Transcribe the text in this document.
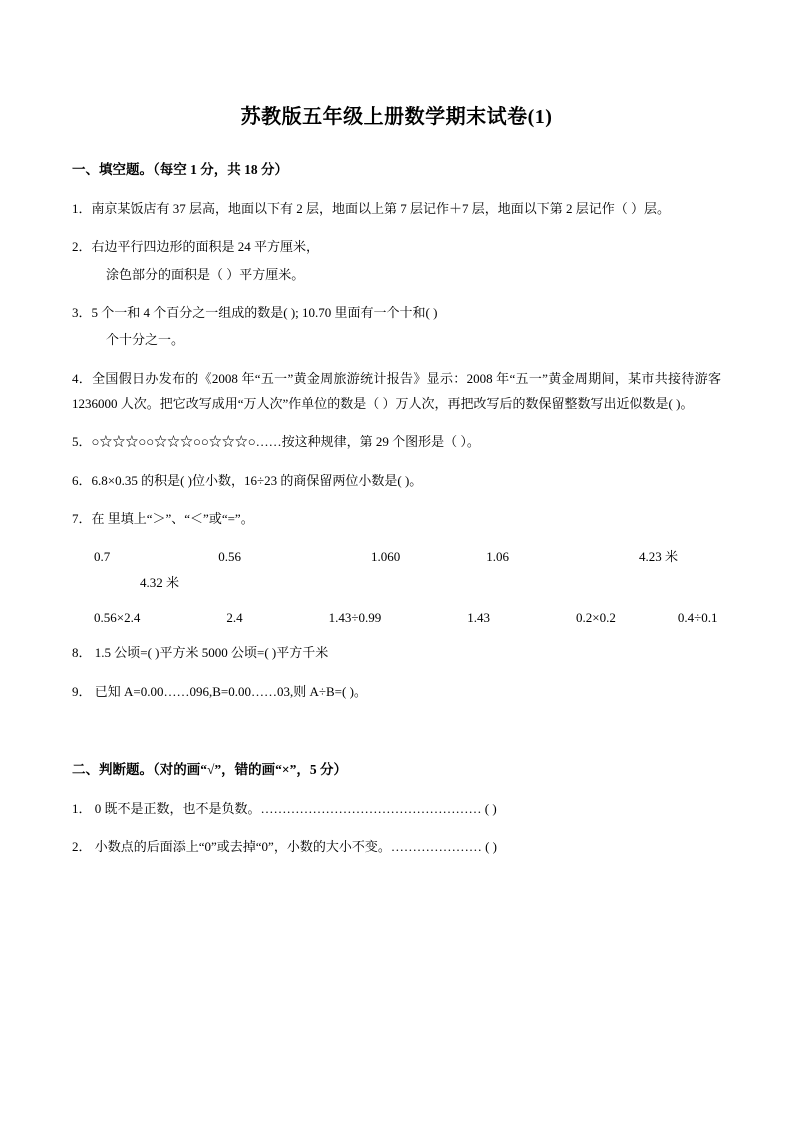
苏教版五年级上册数学期末试卷(1)
一、填空题。（每空 1 分，共 18 分）

1．南京某饭店有 37 层高，地面以下有 2 层，地面以上第 7 层记作＋7 层，地面以下第 2 层记作（ ）层。

2．右边平行四边形的面积是 24 平方厘米，

涂色部分的面积是（ ）平方厘米。

3．5 个一和 4 个百分之一组成的数是( ); 10.70 里面有一个十和( )

个十分之一。

4．全国假日办发布的《2008 年“五一”黄金周旅游统计报告》显示：2008 年“五一”黄金周期间，某市共接待游客 1236000 人次。把它改写成用“万人次”作单位的数是（ ）万人次，再把改写后的数保留整数写出近似数是( )。

5．○☆☆☆○○☆☆☆○○☆☆☆○……按这种规律，第 29 个图形是（ ）。

6．6.8×0.35 的积是( )位小数，16÷23 的商保留两位小数是( )。

7．在 里填上“＞”、“＜”或“=”。

0.7	0.56	1.060	1.06	4.23 米4.32 米

0.56×2.4	2.4	1.43÷0.99	1.43	0.2×0.2	0.4÷0.1

8． 1.5 公顷=( )平方米 5000 公顷=( )平方千米

9． 已知 A=0.00……096,B=0.00……03,则 A÷B=( )。

二、判断题。（对的画“√”，错的画“×”，5 分）

1． 0 既不是正数，也不是负数。…………………………………………… ( )

2． 小数点的后面添上“0”或去掉“0”，小数的大小不变。………………… ( )
